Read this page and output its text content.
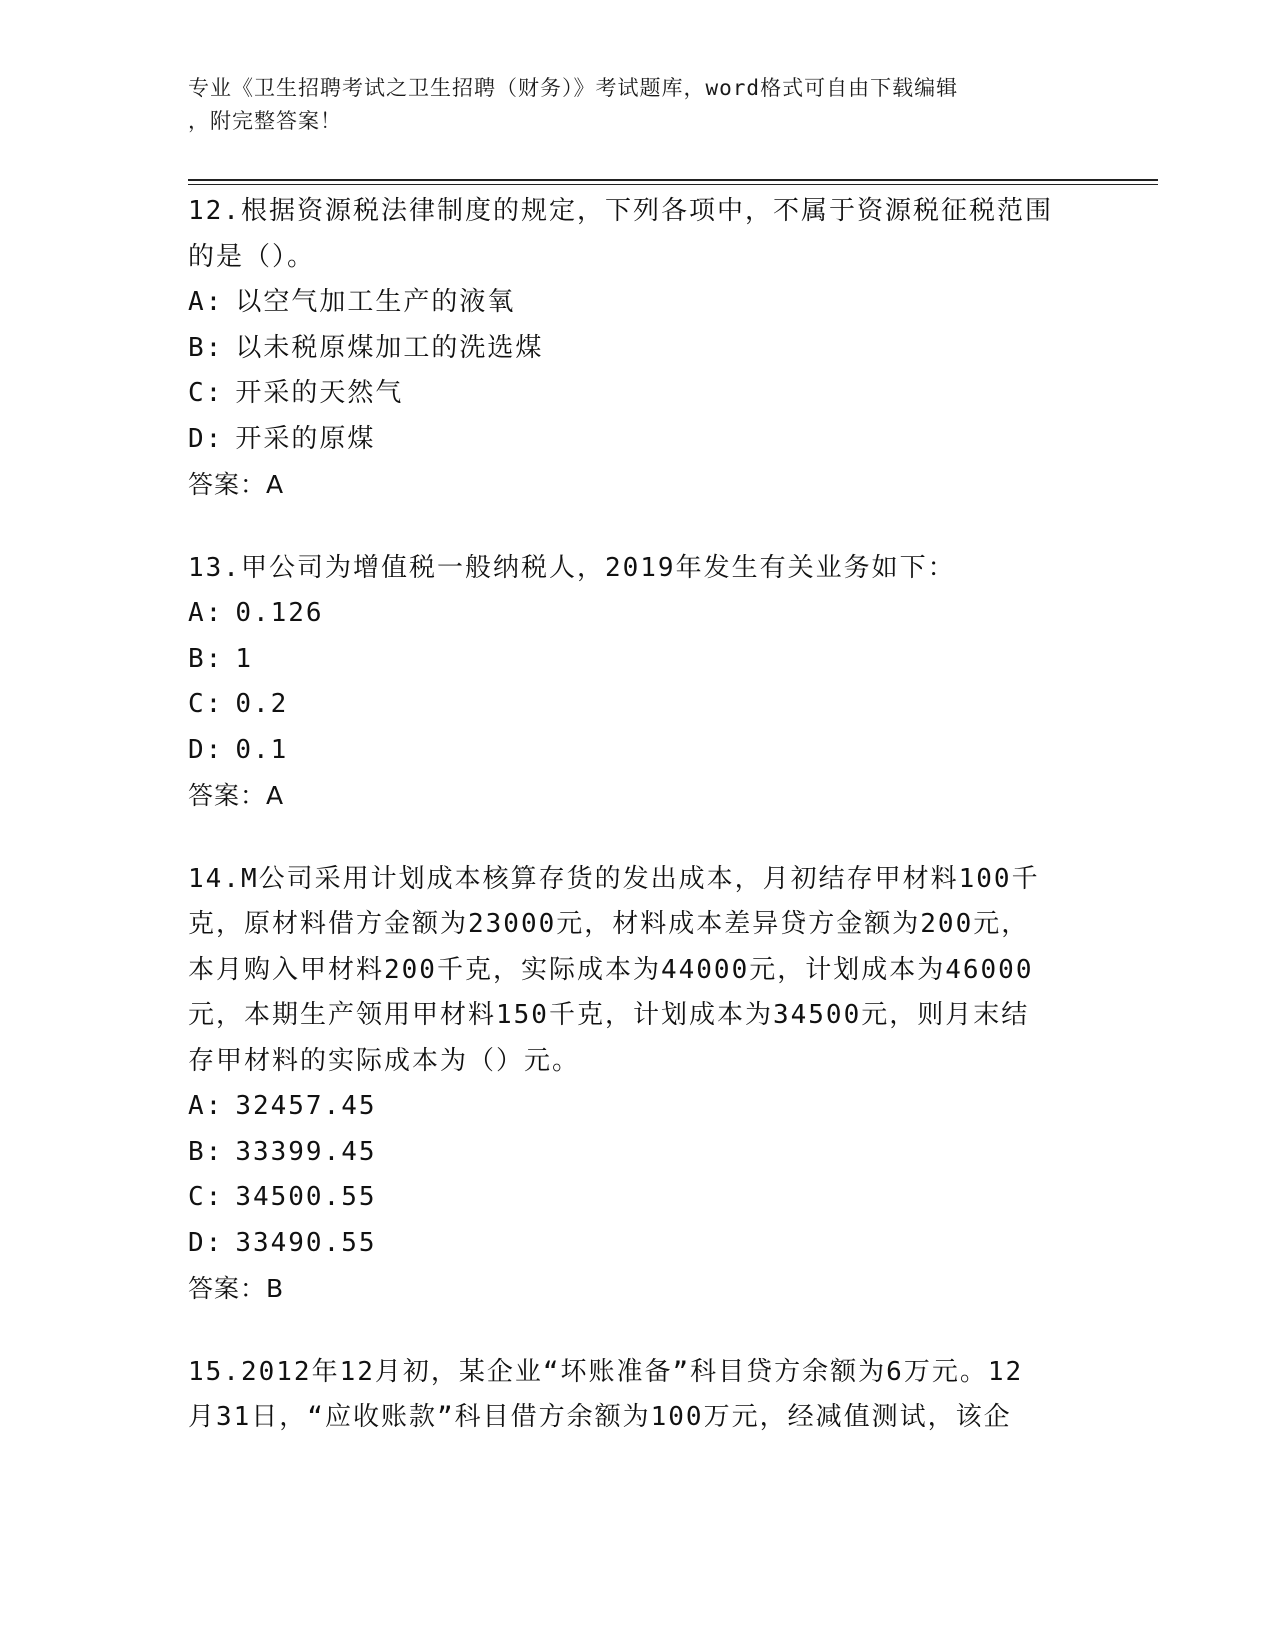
专业《卫生招聘考试之卫生招聘（财务）》考试题库，word格式可自由下载编辑
，附完整答案！
12.根据资源税法律制度的规定，下列各项中，不属于资源税征税范围
的是（）。
A: 以空气加工生产的液氧
B: 以未税原煤加工的洗选煤
C: 开采的天然气
D: 开采的原煤
答案：A
13.甲公司为增值税一般纳税人，2019年发生有关业务如下：
A: 0.126
B: 1
C: 0.2
D: 0.1
答案：A
14.M公司采用计划成本核算存货的发出成本，月初结存甲材料100千
克，原材料借方金额为23000元，材料成本差异贷方金额为200元，
本月购入甲材料200千克，实际成本为44000元，计划成本为46000
元，本期生产领用甲材料150千克，计划成本为34500元，则月末结
存甲材料的实际成本为（）元。
A: 32457.45
B: 33399.45
C: 34500.55
D: 33490.55
答案：B
15.2012年12月初，某企业“坏账准备”科目贷方余额为6万元。12
月31日，“应收账款”科目借方余额为100万元，经减值测试，该企
